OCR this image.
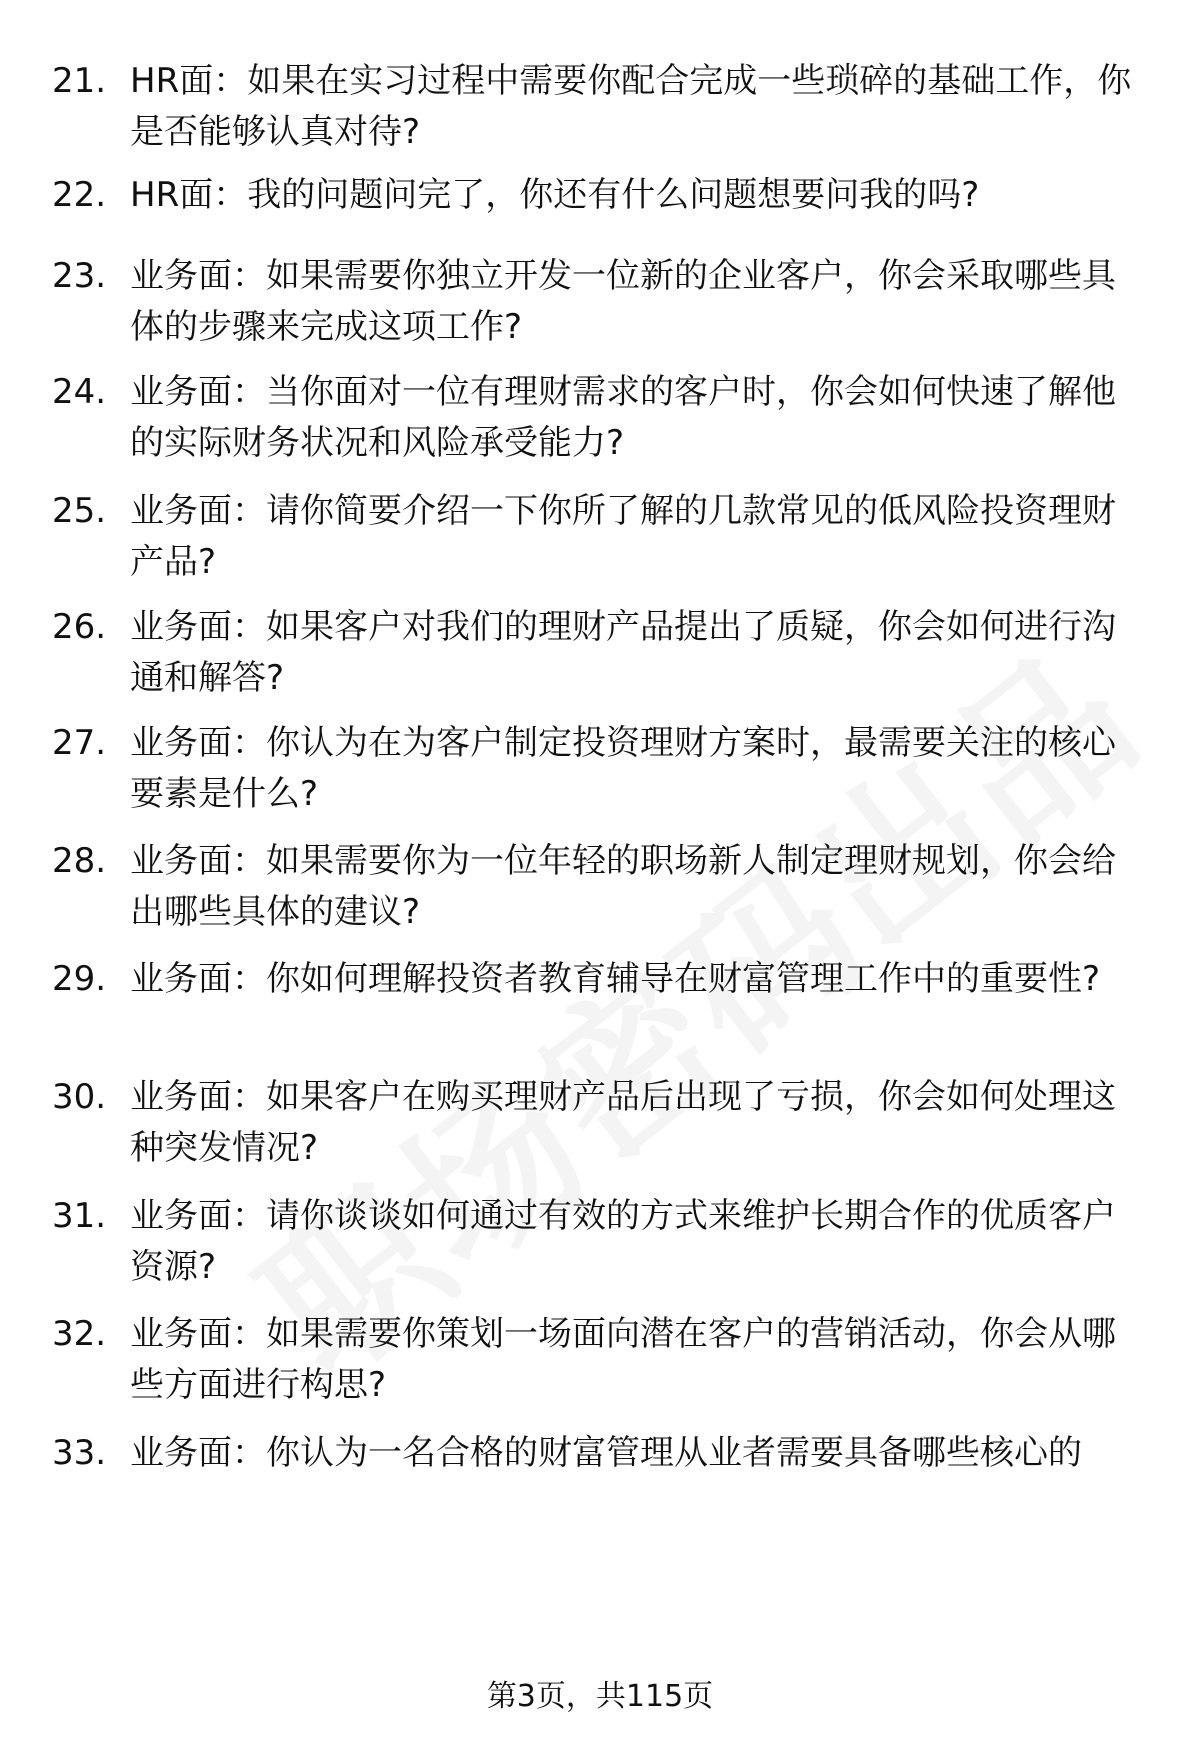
21. HR面：如果在实习过程中需要你配合完成一些琐碎的基础工作，你是否能够认真对待?
22. HR面：我的问题问完了，你还有什么问题想要问我的吗?
23. 业务面：如果需要你独立开发一位新的企业客户，你会采取哪些具体的步骤来完成这项工作?
24. 业务面：当你面对一位有理财需求的客户时，你会如何快速了解他的实际财务状况和风险承受能力?
25. 业务面：请你简要介绍一下你所了解的几款常见的低风险投资理财产品?
26. 业务面：如果客户对我们的理财产品提出了质疑，你会如何进行沟通和解答?
27. 业务面：你认为在为客户制定投资理财方案时，最需要关注的核心要素是什么?
28. 业务面：如果需要你为一位年轻的职场新人制定理财规划，你会给出哪些具体的建议?
29. 业务面：你如何理解投资者教育辅导在财富管理工作中的重要性?
30. 业务面：如果客户在购买理财产品后出现了亏损，你会如何处理这种突发情况?
31. 业务面：请你谈谈如何通过有效的方式来维护长期合作的优质客户资源?
32. 业务面：如果需要你策划一场面向潜在客户的营销活动，你会从哪些方面进行构思?
33. 业务面：你认为一名合格的财富管理从业者需要具备哪些核心的
第3页，共115页
